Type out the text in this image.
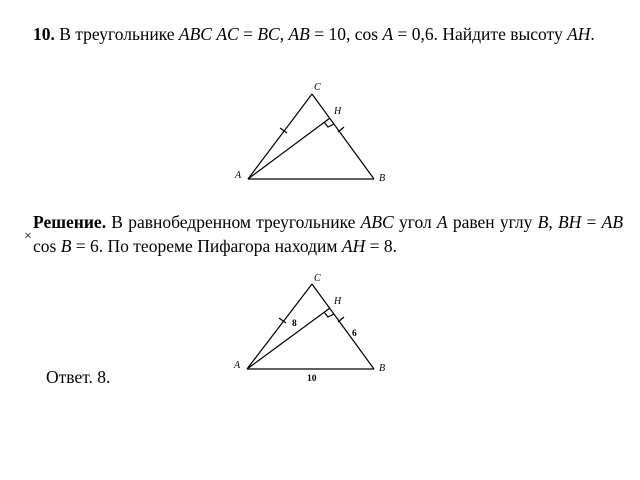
10. В треугольнике ABC AC = BC, AB = 10, cos A = 0,6. Найдите высоту AH.
C
H
A	B
Решение. В равнобедренном треугольнике ABC угол A равен углу B, BH = AB
× cos B = 6. По теореме Пифагора находим AH = 8.
C
H
A	B
8
6
10
Ответ. 8.
